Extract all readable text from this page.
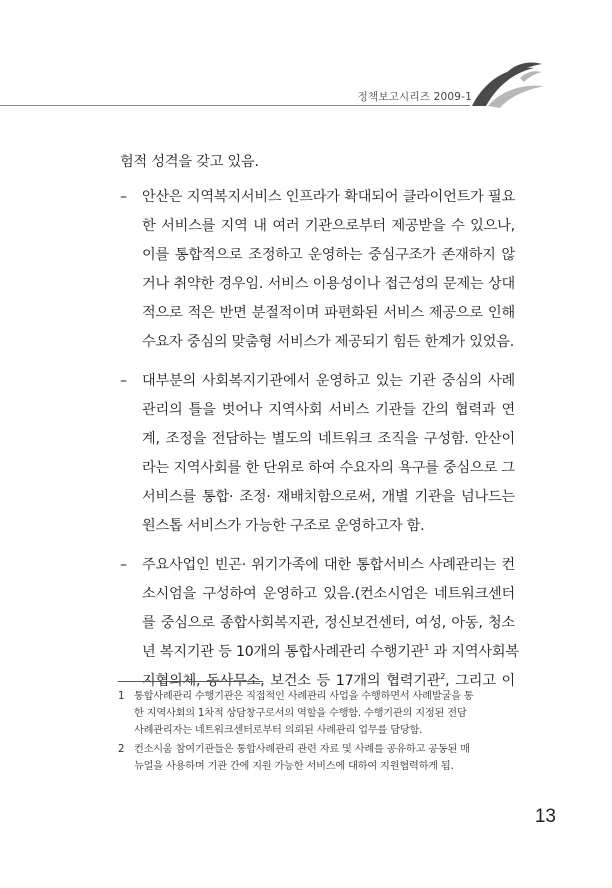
정책보고시리즈 2009-1

험적 성격을 갖고 있음.

– 안산은 지역복지서비스 인프라가 확대되어 클라이언트가 필요
한 서비스를 지역 내 여러 기관으로부터 제공받을 수 있으나,
이를 통합적으로 조정하고 운영하는 중심구조가 존재하지 않
거나 취약한 경우임. 서비스 이용성이나 접근성의 문제는 상대
적으로 적은 반면 분절적이며 파편화된 서비스 제공으로 인해
수요자 중심의 맞춤형 서비스가 제공되기 힘든 한계가 있었음.
– 대부분의 사회복지기관에서 운영하고 있는 기관 중심의 사례
관리의 틀을 벗어나 지역사회 서비스 기관들 간의 협력과 연
계, 조정을 전담하는 별도의 네트워크 조직을 구성함. 안산이
라는 지역사회를 한 단위로 하여 수요자의 욕구를 중심으로 그
서비스를 통합· 조정· 재배치함으로써, 개별 기관을 넘나드는
원스톱 서비스가 가능한 구조로 운영하고자 함.
– 주요사업인 빈곤· 위기가족에 대한 통합서비스 사례관리는 컨
소시엄을 구성하여 운영하고 있음.(컨소시엄은 네트워크센터
를 중심으로 종합사회복지관, 정신보건센터, 여성, 아동, 청소
년 복지기관 등 10개의 통합사례관리 수행기관$^1$ 과 지역사회복
지협의체, 동사무소, 보건소 등 17개의 협력기관$^2$, 그리고 이
1 통합사례관리 수행기관은 직접적인 사례관리 사업을 수행하면서 사례발굴을 통
한 지역사회의 1차적 상담창구로서의 역할을 수행함. 수행기관의 지정된 전담
사례관리자는 네트워크센터로부터 의뢰된 사례관리 업무를 담당함.
2 컨소시움 참여기관들은 통합사례관리 관련 자료 및 사례를 공유하고 공동된 매
뉴얼을 사용하며 기관 간에 지원 가능한 서비스에 대하여 지원협력하게 됨.
13
